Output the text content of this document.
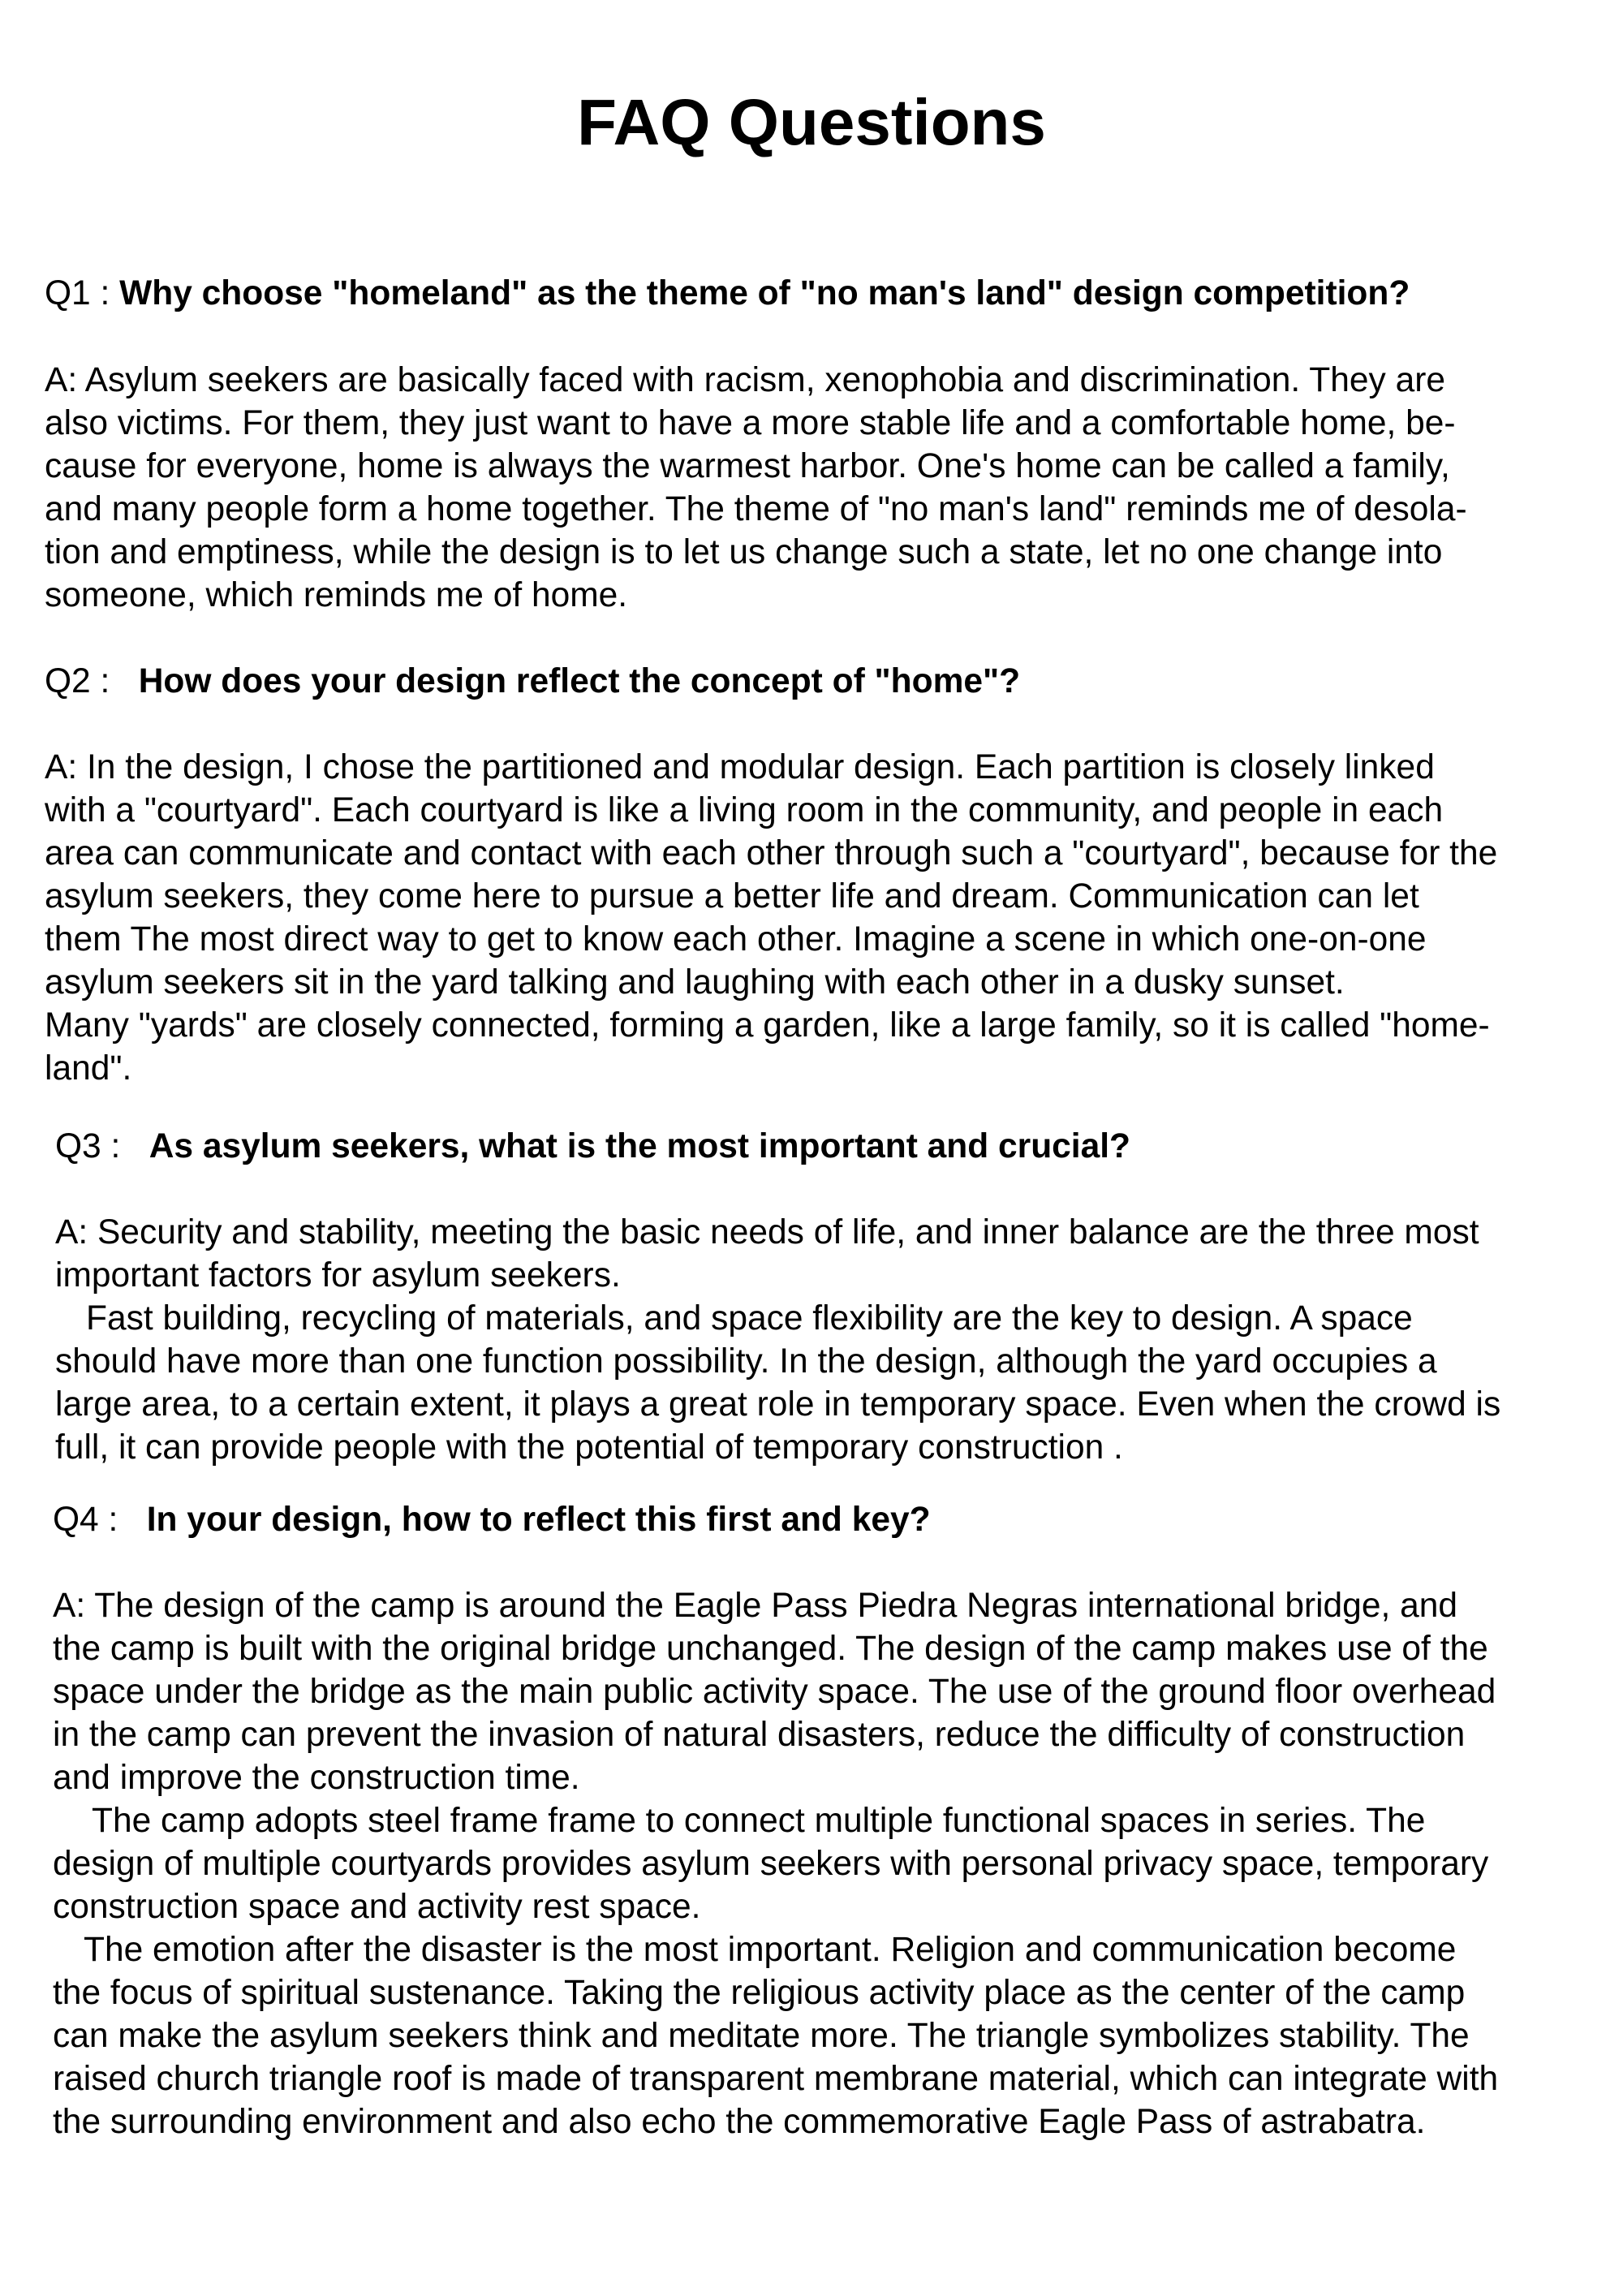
FAQ Questions
Q1 : Why choose "homeland" as the theme of "no man's land" design competition?
A: Asylum seekers are basically faced with racism, xenophobia and discrimination. They are
also victims. For them, they just want to have a more stable life and a comfortable home, be-
cause for everyone, home is always the warmest harbor. One's home can be called a family,
and many people form a home together. The theme of "no man's land" reminds me of desola-
tion and emptiness, while the design is to let us change such a state, let no one change into
someone, which reminds me of home.
Q2 :   How does your design reflect the concept of "home"?
A: In the design, I chose the partitioned and modular design. Each partition is closely linked
with a "courtyard". Each courtyard is like a living room in the community, and people in each
area can communicate and contact with each other through such a "courtyard", because for the
asylum seekers, they come here to pursue a better life and dream. Communication can let
them The most direct way to get to know each other. Imagine a scene in which one-on-one
asylum seekers sit in the yard talking and laughing with each other in a dusky sunset.
Many "yards" are closely connected, forming a garden, like a large family, so it is called "home-
land".
Q3 :   As asylum seekers, what is the most important and crucial?
A: Security and stability, meeting the basic needs of life, and inner balance are the three most
important factors for asylum seekers.
Fast building, recycling of materials, and space flexibility are the key to design. A space
should have more than one function possibility. In the design, although the yard occupies a
large area, to a certain extent, it plays a great role in temporary space. Even when the crowd is
full, it can provide people with the potential of temporary construction .
Q4 :   In your design, how to reflect this first and key?
A: The design of the camp is around the Eagle Pass Piedra Negras international bridge, and
the camp is built with the original bridge unchanged. The design of the camp makes use of the
space under the bridge as the main public activity space. The use of the ground floor overhead
in the camp can prevent the invasion of natural disasters, reduce the difficulty of construction
and improve the construction time.
The camp adopts steel frame frame to connect multiple functional spaces in series. The
design of multiple courtyards provides asylum seekers with personal privacy space, temporary
construction space and activity rest space.
The emotion after the disaster is the most important. Religion and communication become
the focus of spiritual sustenance. Taking the religious activity place as the center of the camp
can make the asylum seekers think and meditate more. The triangle symbolizes stability. The
raised church triangle roof is made of transparent membrane material, which can integrate with
the surrounding environment and also echo the commemorative Eagle Pass of astrabatra.
